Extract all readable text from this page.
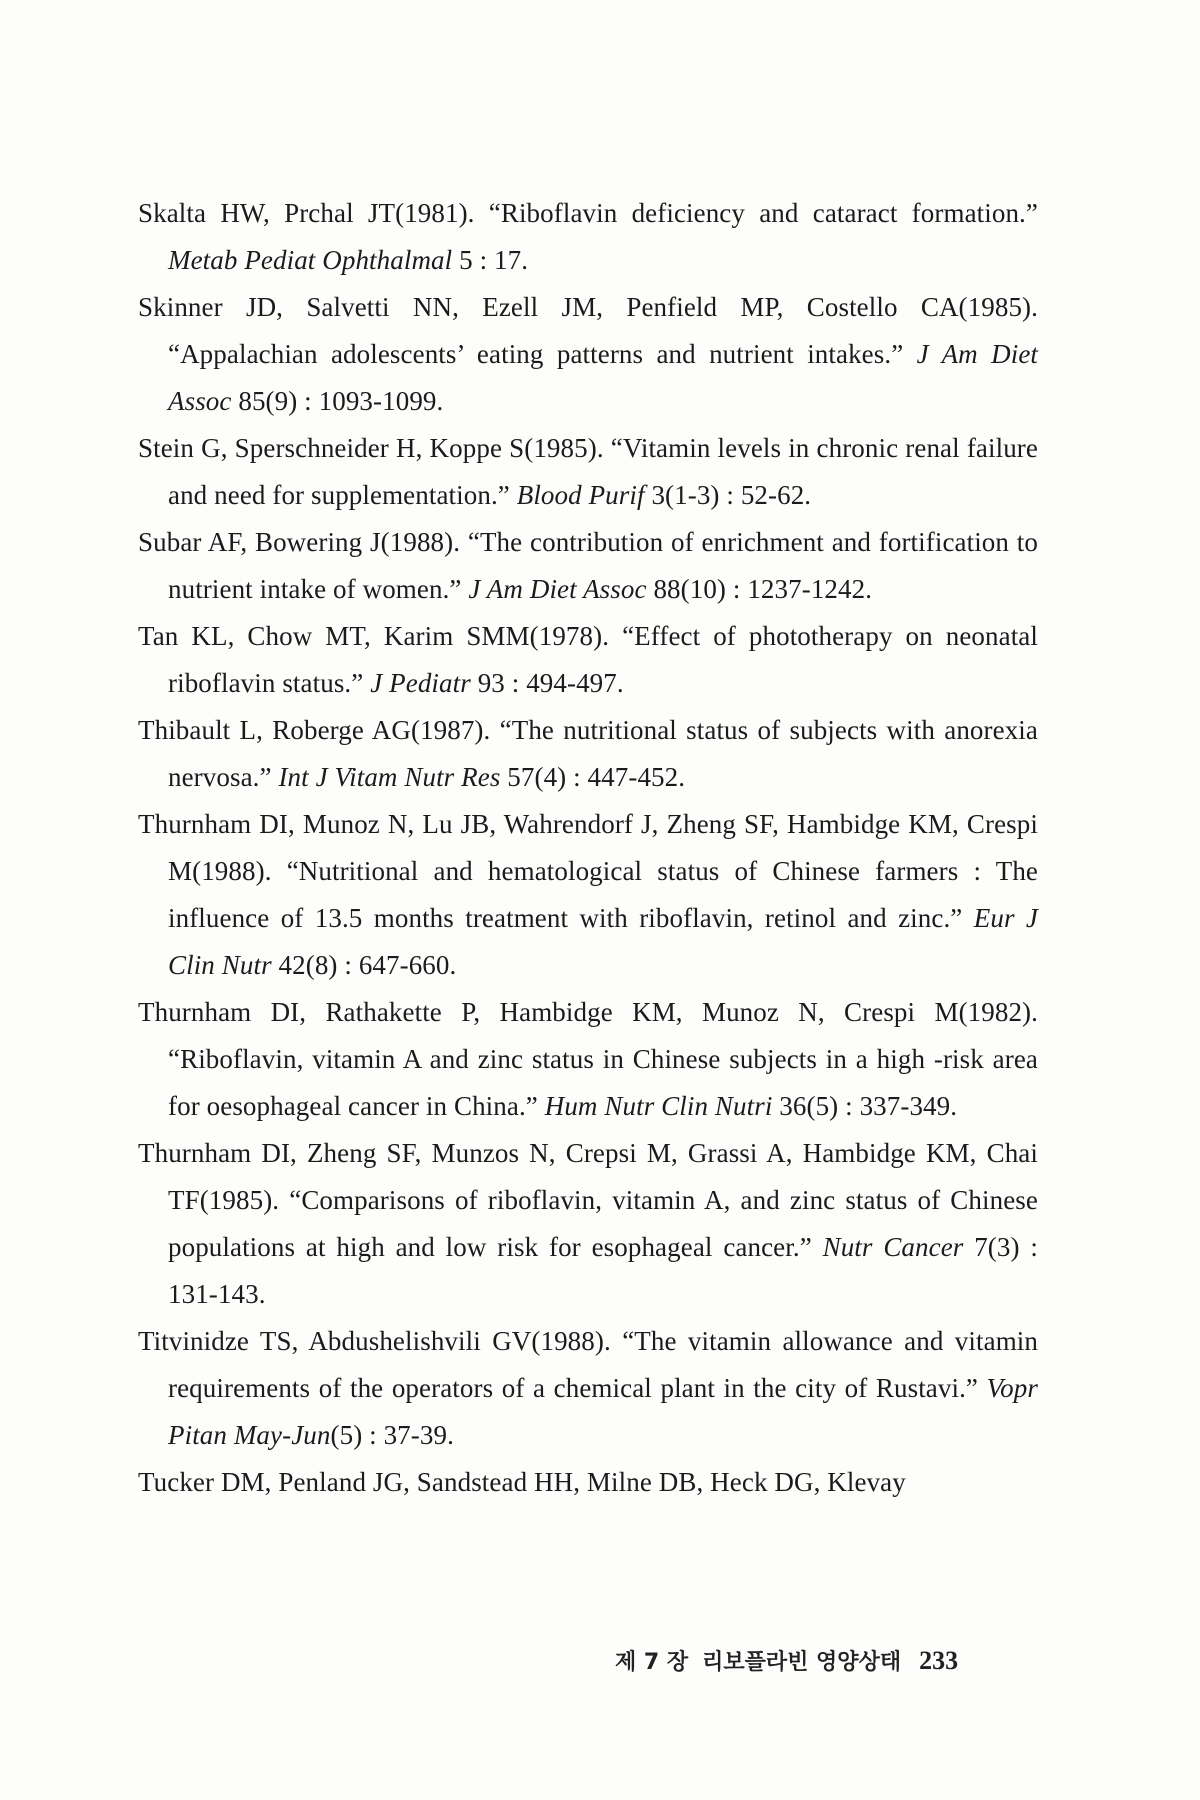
Skalta HW, Prchal JT(1981). “Riboflavin deficiency and cataract formation.” Metab Pediat Ophthalmal 5 : 17.

Skinner JD, Salvetti NN, Ezell JM, Penfield MP, Costello CA(1985). “Appalachian adolescents’ eating patterns and nutrient intakes.” J Am Diet Assoc 85(9) : 1093-1099.

Stein G, Sperschneider H, Koppe S(1985). “Vitamin levels in chronic renal failure and need for supplementation.” Blood Purif 3(1-3) : 52-62.

Subar AF, Bowering J(1988). “The contribution of enrichment and fortification to nutrient intake of women.” J Am Diet Assoc 88(10) : 1237-1242.

Tan KL, Chow MT, Karim SMM(1978). “Effect of phototherapy on neonatal riboflavin status.” J Pediatr 93 : 494-497.

Thibault L, Roberge AG(1987). “The nutritional status of subjects with anorexia nervosa.” Int J Vitam Nutr Res 57(4) : 447-452.

Thurnham DI, Munoz N, Lu JB, Wahrendorf J, Zheng SF, Hambidge KM, Crespi M(1988). “Nutritional and hematological status of Chinese farmers : The influence of 13.5 months treatment with riboflavin, retinol and zinc.” Eur J Clin Nutr 42(8) : 647-660.

Thurnham DI, Rathakette P, Hambidge KM, Munoz N, Crespi M(1982). “Riboflavin, vitamin A and zinc status in Chinese subjects in a high -risk area for oesophageal cancer in China.” Hum Nutr Clin Nutri 36(5) : 337-349.

Thurnham DI, Zheng SF, Munzos N, Crepsi M, Grassi A, Hambidge KM, Chai TF(1985). “Comparisons of riboflavin, vitamin A, and zinc status of Chinese populations at high and low risk for esophageal cancer.” Nutr Cancer 7(3) : 131-143.

Titvinidze TS, Abdushelishvili GV(1988). “The vitamin allowance and vitamin requirements of the operators of a chemical plant in the city of Rustavi.” Vopr Pitan May-Jun(5) : 37-39.

Tucker DM, Penland JG, Sandstead HH, Milne DB, Heck DG, Klevay

제 7 장 리보플라빈 영양상태 233
